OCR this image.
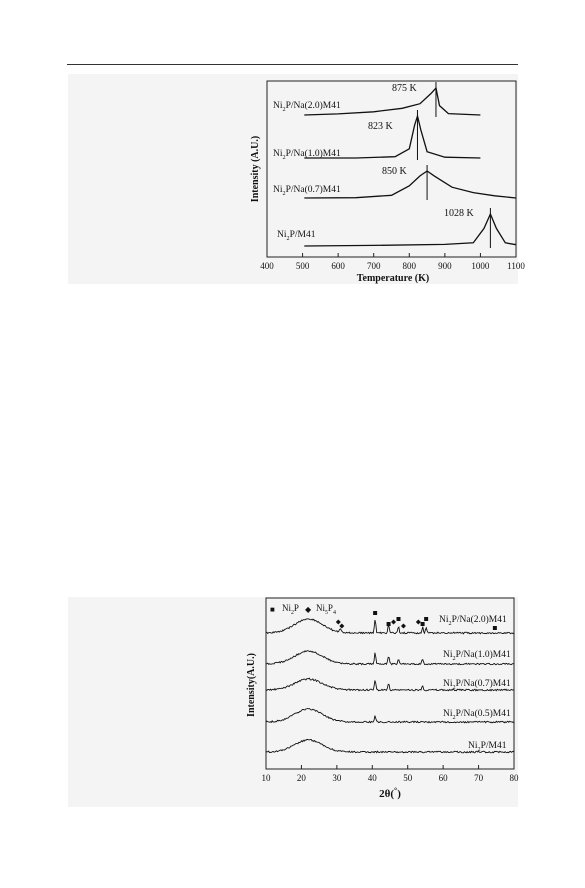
400 500 600 700 800 900 1000 1100
875 K
$Ni_2P/Na(2.0)M41$
823 K
$Ni_2P/Na(1.0)M41$
850 K
$Ni_2P/Na(0.7)M41$
1028 K
$Ni_2P/M41$
Temperature (K)
Intensity (A.U.)
■ $Ni_2P$ ◆ $Ni_5P_4$
10	20	30	40	50	60	70	80
$Ni_2P/Na(2.0)M41$
$Ni_2P/Na(1.0)M41$
$Ni_2P/Na(0.7)M41$
$Ni_2P/Na(0.5)M41$
$Ni_2P/M41$
2θ(°)
Intensity(A.U.)
